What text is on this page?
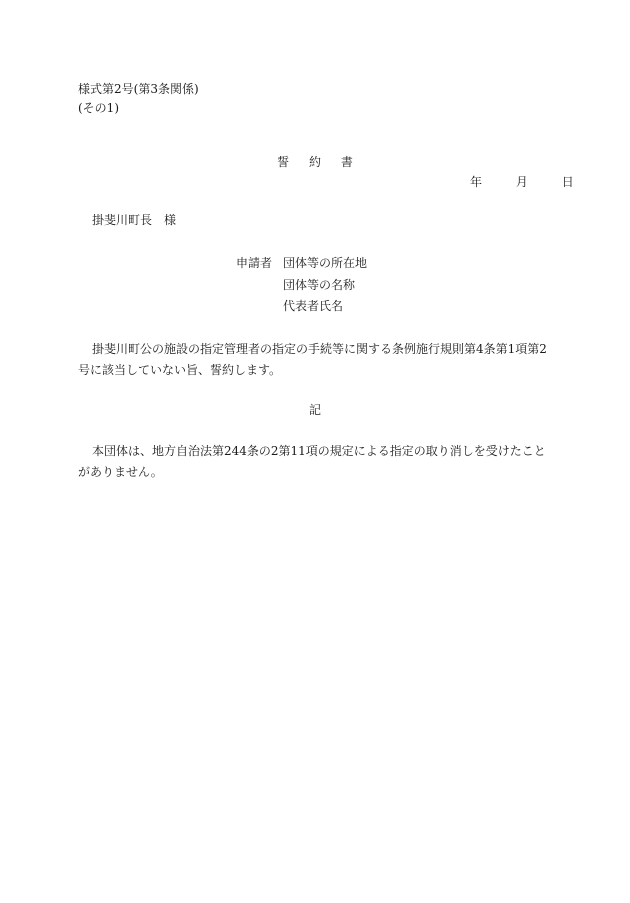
様式第2号(第3条関係)
(その1)
誓 約 書
年	月	日
掛斐川町長 様
申請者 団体等の所在地
団体等の名称
代表者氏名
掛斐川町公の施設の指定管理者の指定の手続等に関する条例施行規則第4条第1項第2号に該当していない旨、誓約します。
記
本団体は、地方自治法第244条の2第11項の規定による指定の取り消しを受けたことがありません。
